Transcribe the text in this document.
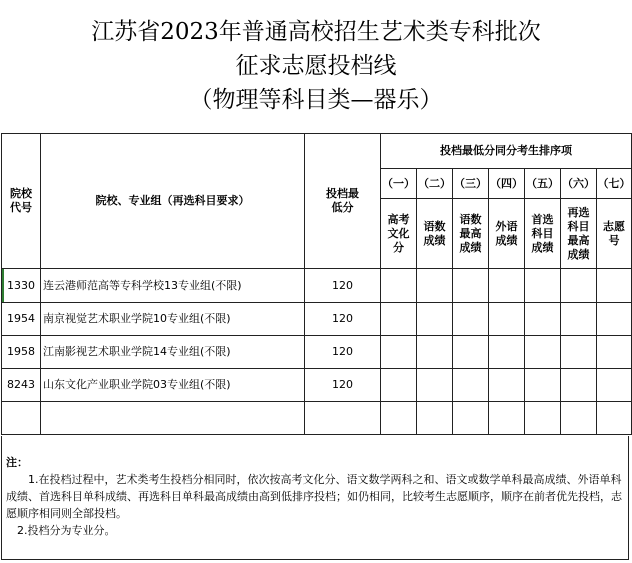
江苏省2023年普通高校招生艺术类专科批次
征求志愿投档线
（物理等科目类—器乐）
院校代号	院校、专业组（再选科目要求）	投档最低分	投档最低分同分考生排序项						
			（一）	（二）	（三）	（四）	（五）	（六）	（七）
			高考文化分	语数成绩	语数最高成绩	外语成绩	首选科目成绩	再选科目最高成绩	志愿号
1330	连云港师范高等专科学校13专业组(不限)	120							
1954	南京视觉艺术职业学院10专业组(不限)	120							
1958	江南影视艺术职业学院14专业组(不限)	120							
8243	山东文化产业职业学院03专业组(不限)	120							

注：

1.在投档过程中，艺术类考生投档分相同时，依次按高考文化分、语文数学两科之和、语文或数学单科最高成绩、外语单科成绩、首选科目单科成绩、再选科目单科最高成绩由高到低排序投档；如仍相同，比较考生志愿顺序，顺序在前者优先投档，志愿顺序相同则全部投档。

2.投档分为专业分。
